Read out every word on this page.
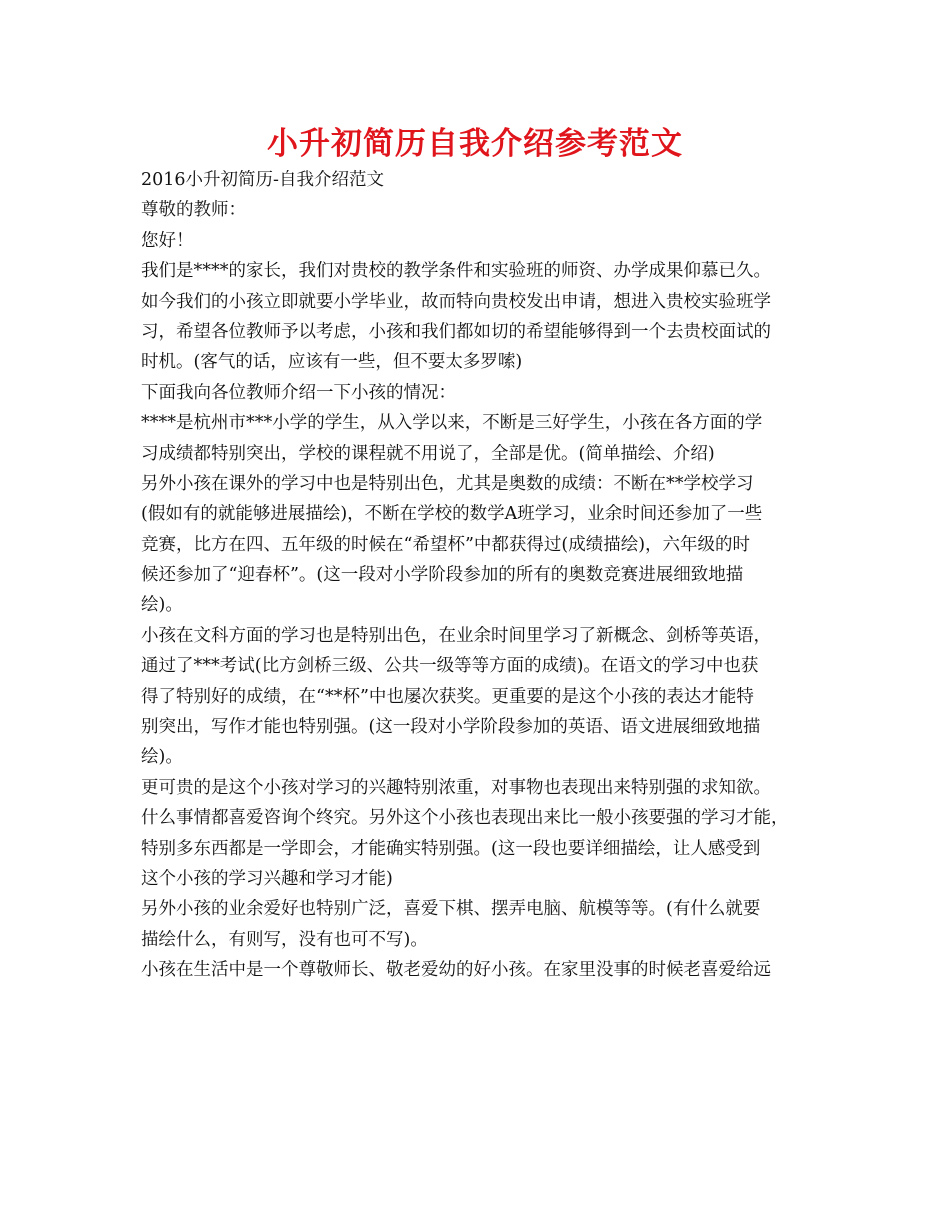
小升初简历自我介绍参考范文
2016小升初简历-自我介绍范文
尊敬的教师：
您好！
我们是****的家长，我们对贵校的教学条件和实验班的师资、办学成果仰慕已久。
如今我们的小孩立即就要小学毕业，故而特向贵校发出申请，想进入贵校实验班学
习，希望各位教师予以考虑，小孩和我们都如切的希望能够得到一个去贵校面试的
时机。(客气的话，应该有一些，但不要太多罗嗦)
下面我向各位教师介绍一下小孩的情况：
****是杭州市***小学的学生，从入学以来，不断是三好学生，小孩在各方面的学
习成绩都特别突出，学校的课程就不用说了，全部是优。(简单描绘、介绍)
另外小孩在课外的学习中也是特别出色，尤其是奥数的成绩：不断在**学校学习
(假如有的就能够进展描绘)，不断在学校的数学A班学习，业余时间还参加了一些
竞赛，比方在四、五年级的时候在“希望杯”中都获得过(成绩描绘)，六年级的时
候还参加了“迎春杯”。(这一段对小学阶段参加的所有的奥数竞赛进展细致地描
绘)。
小孩在文科方面的学习也是特别出色，在业余时间里学习了新概念、剑桥等英语，
通过了***考试(比方剑桥三级、公共一级等等方面的成绩)。在语文的学习中也获
得了特别好的成绩，在“**杯”中也屡次获奖。更重要的是这个小孩的表达才能特
别突出，写作才能也特别强。(这一段对小学阶段参加的英语、语文进展细致地描
绘)。
更可贵的是这个小孩对学习的兴趣特别浓重，对事物也表现出来特别强的求知欲。
什么事情都喜爱咨询个终究。另外这个小孩也表现出来比一般小孩要强的学习才能，
特别多东西都是一学即会，才能确实特别强。(这一段也要详细描绘，让人感受到
这个小孩的学习兴趣和学习才能)
另外小孩的业余爱好也特别广泛，喜爱下棋、摆弄电脑、航模等等。(有什么就要
描绘什么，有则写，没有也可不写)。
小孩在生活中是一个尊敬师长、敬老爱幼的好小孩。在家里没事的时候老喜爱给远
